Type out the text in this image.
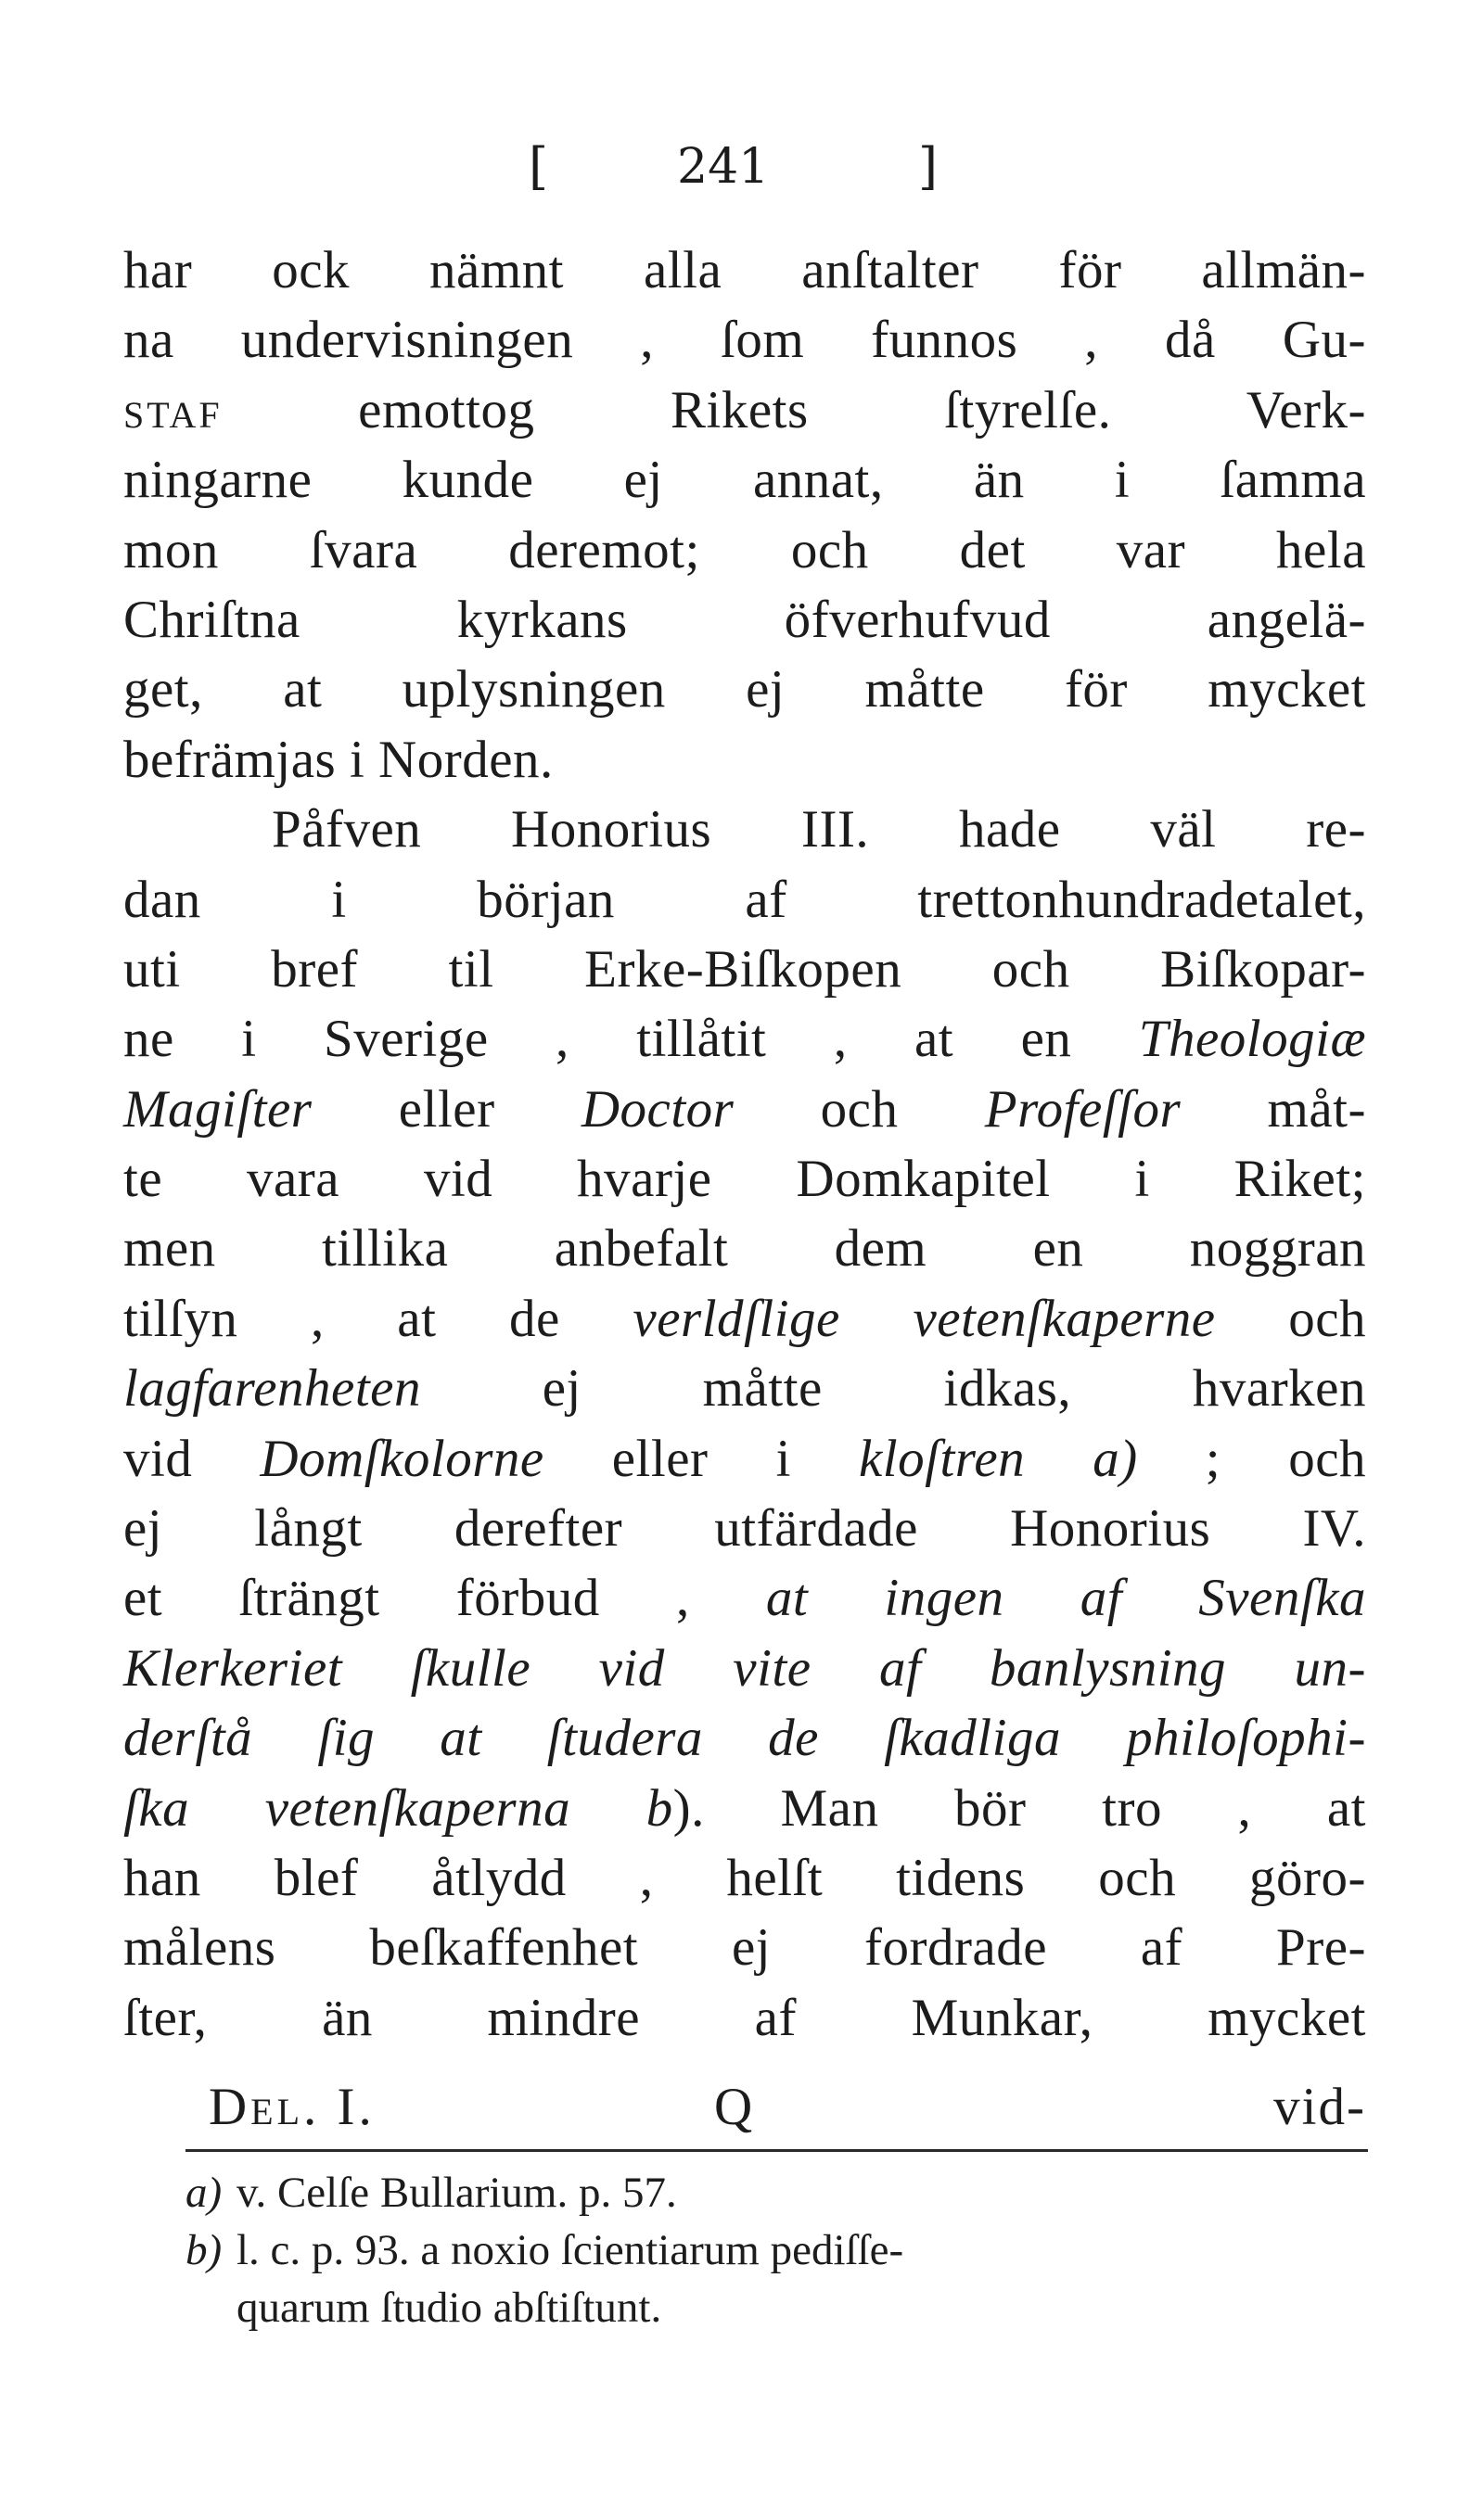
[	241	]
har ock nämnt alla anſtalter för allmän-
na undervisningen , ſom funnos , då Gu-
staf emottog Rikets ſtyrelſe. Verk-
ningarne kunde ej annat, än i ſamma
mon ſvara deremot; och det var hela
Chriſtna kyrkans öfverhufvud angelä-
get, at uplysningen ej måtte för mycket
befrämjas i Norden.
Påfven Honorius III. hade väl re-
dan i början af trettonhundradetalet,
uti bref til Erke-Biſkopen och Biſkopar-
ne i Sverige , tillåtit , at en Theologiæ
Magiſter eller Doctor och Profeſſor måt-
te vara vid hvarje Domkapitel i Riket;
men tillika anbefalt dem en noggran
tilſyn , at de verldſlige vetenſkaperne och
lagfarenheten ej måtte idkas, hvarken
vid Domſkolorne eller i kloſtren a) ; och
ej långt derefter utfärdade Honorius IV.
et ſträngt förbud , at ingen af Svenſka
Klerkeriet ſkulle vid vite af banlysning un-
derſtå ſig at ſtudera de ſkadliga philoſophi-
ſka vetenſkaperna b). Man bör tro , at
han blef åtlydd , helſt tidens och göro-
målens beſkaffenhet ej fordrade af Pre-
ſter, än mindre af Munkar, mycket
Del. I.	Q	vid-
a) v. Celſe Bullarium. p. 57.
b) l. c. p. 93. a noxio ſcientiarum pediſſe-
quarum ſtudio abſtiſtunt.
